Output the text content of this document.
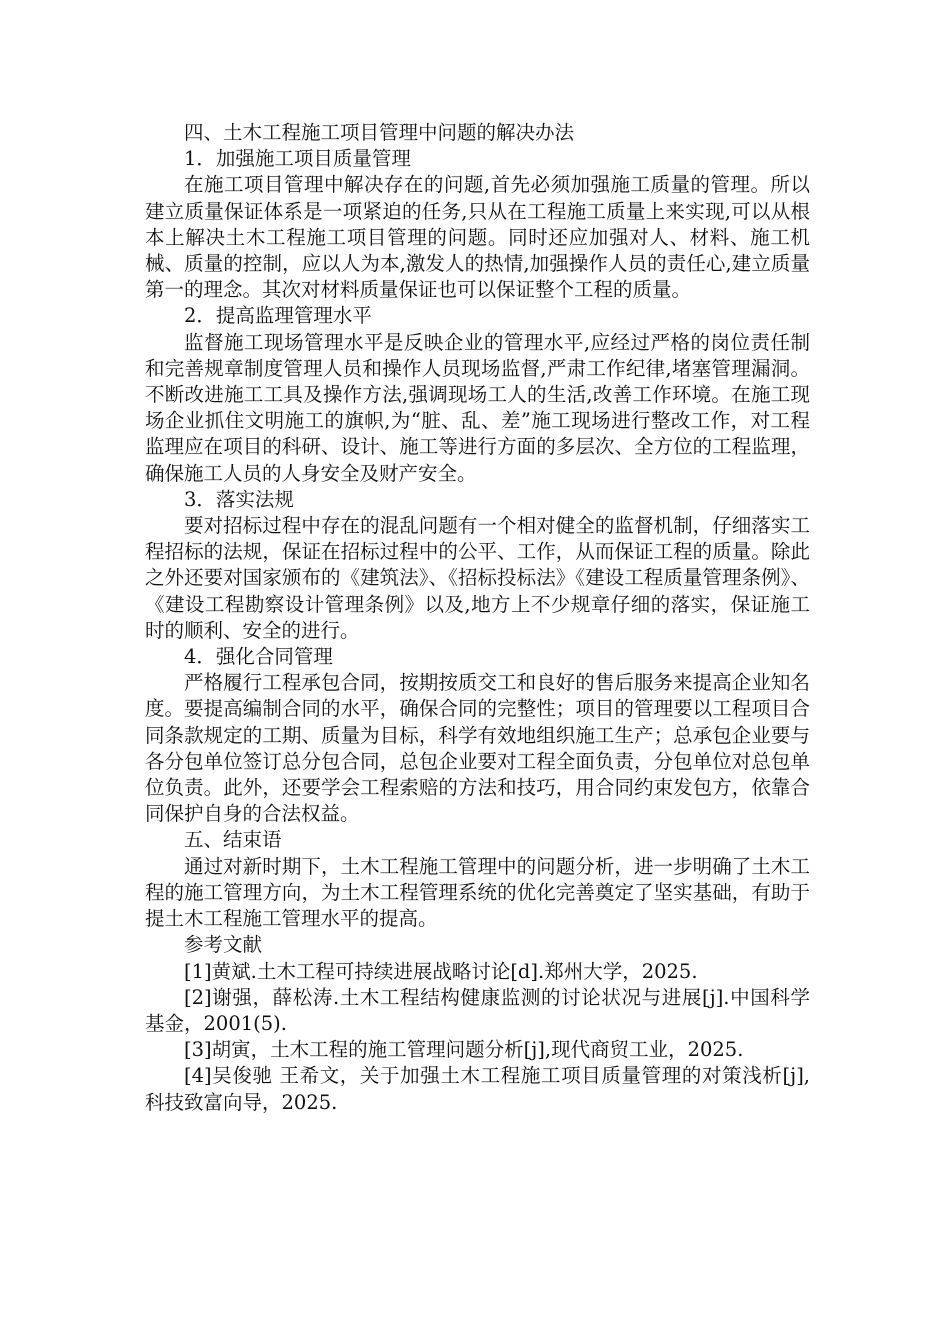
四、土木工程施工项目管理中问题的解决办法

1．加强施工项目质量管理

在施工项目管理中解决存在的问题,首先必须加强施工质量的管理。所以建立质量保证体系是一项紧迫的任务,只从在工程施工质量上来实现,可以从根本上解决土木工程施工项目管理的问题。同时还应加强对人、材料、施工机械、质量的控制，应以人为本,激发人的热情,加强操作人员的责任心,建立质量第一的理念。其次对材料质量保证也可以保证整个工程的质量。

2．提高监理管理水平

监督施工现场管理水平是反映企业的管理水平,应经过严格的岗位责任制和完善规章制度管理人员和操作人员现场监督,严肃工作纪律,堵塞管理漏洞。不断改进施工工具及操作方法,强调现场工人的生活,改善工作环境。在施工现场企业抓住文明施工的旗帜,为“脏、乱、差”施工现场进行整改工作，对工程监理应在项目的科研、设计、施工等进行方面的多层次、全方位的工程监理，确保施工人员的人身安全及财产安全。

3．落实法规

要对招标过程中存在的混乱问题有一个相对健全的监督机制，仔细落实工程招标的法规，保证在招标过程中的公平、工作，从而保证工程的质量。除此之外还要对国家颁布的《建筑法》、《招标投标法》《建设工程质量管理条例》、《建设工程勘察设计管理条例》以及,地方上不少规章仔细的落实，保证施工时的顺利、安全的进行。

4．强化合同管理

严格履行工程承包合同，按期按质交工和良好的售后服务来提高企业知名度。要提高编制合同的水平，确保合同的完整性；项目的管理要以工程项目合同条款规定的工期、质量为目标，科学有效地组织施工生产；总承包企业要与各分包单位签订总分包合同，总包企业要对工程全面负责，分包单位对总包单位负责。此外，还要学会工程索赔的方法和技巧，用合同约束发包方，依靠合同保护自身的合法权益。

五、结束语

通过对新时期下，土木工程施工管理中的问题分析，进一步明确了土木工程的施工管理方向，为土木工程管理系统的优化完善奠定了坚实基础，有助于提土木工程施工管理水平的提高。

参考文献

[1]黄斌.土木工程可持续进展战略讨论[d].郑州大学，2025.

[2]谢强，薛松涛.土木工程结构健康监测的讨论状况与进展[j].中国科学基金，2001(5).

[3]胡寅，土木工程的施工管理问题分析[j],现代商贸工业，2025.

[4]吴俊驰 王希文，关于加强土木工程施工项目质量管理的对策浅析[j],科技致富向导，2025.
